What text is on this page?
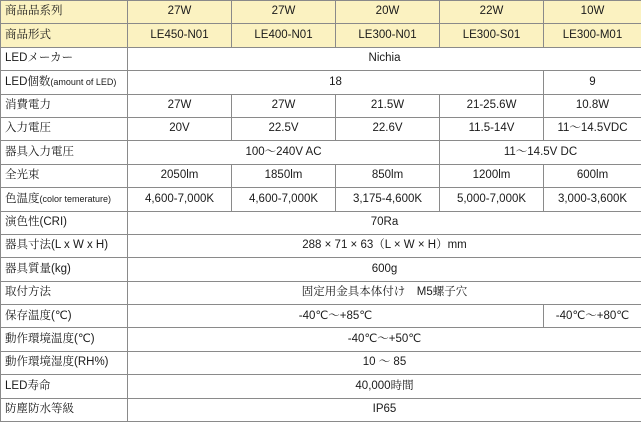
商品品系列	27W	27W	20W	22W	10W
商品形式	LE450-N01	LE400-N01	LE300-N01	LE300-S01	LE300-M01
LEDメーカー	Nichia				
LED個数(amount of LED)	18				9
消費電力	27W	27W	21.5W	21-25.6W	10.8W
入力電圧	20V	22.5V	22.6V	11.5-14V	11～14.5VDC
器具入力電圧	100～240V AC			11～14.5V DC	
全光束	2050lm	1850lm	850lm	1200lm	600lm
色温度(color temerature)	4,600-7,000K	4,600-7,000K	3,175-4,600K	5,000-7,000K	3,000-3,600K
演色性(CRI)	70Ra				
器具寸法(L x W x H)	288 × 71 × 63（L × W × H）mm				
器具質量(kg)	600g				
取付方法	固定用金具本体付け　M5螺子穴				
保存温度(℃)	-40℃～+85℃				-40℃～+80℃
動作環境温度(℃)	-40℃～+50℃				
動作環境湿度(RH%)	10 ～ 85				
LED寿命	40,000時間				
防塵防水等級	IP65				
